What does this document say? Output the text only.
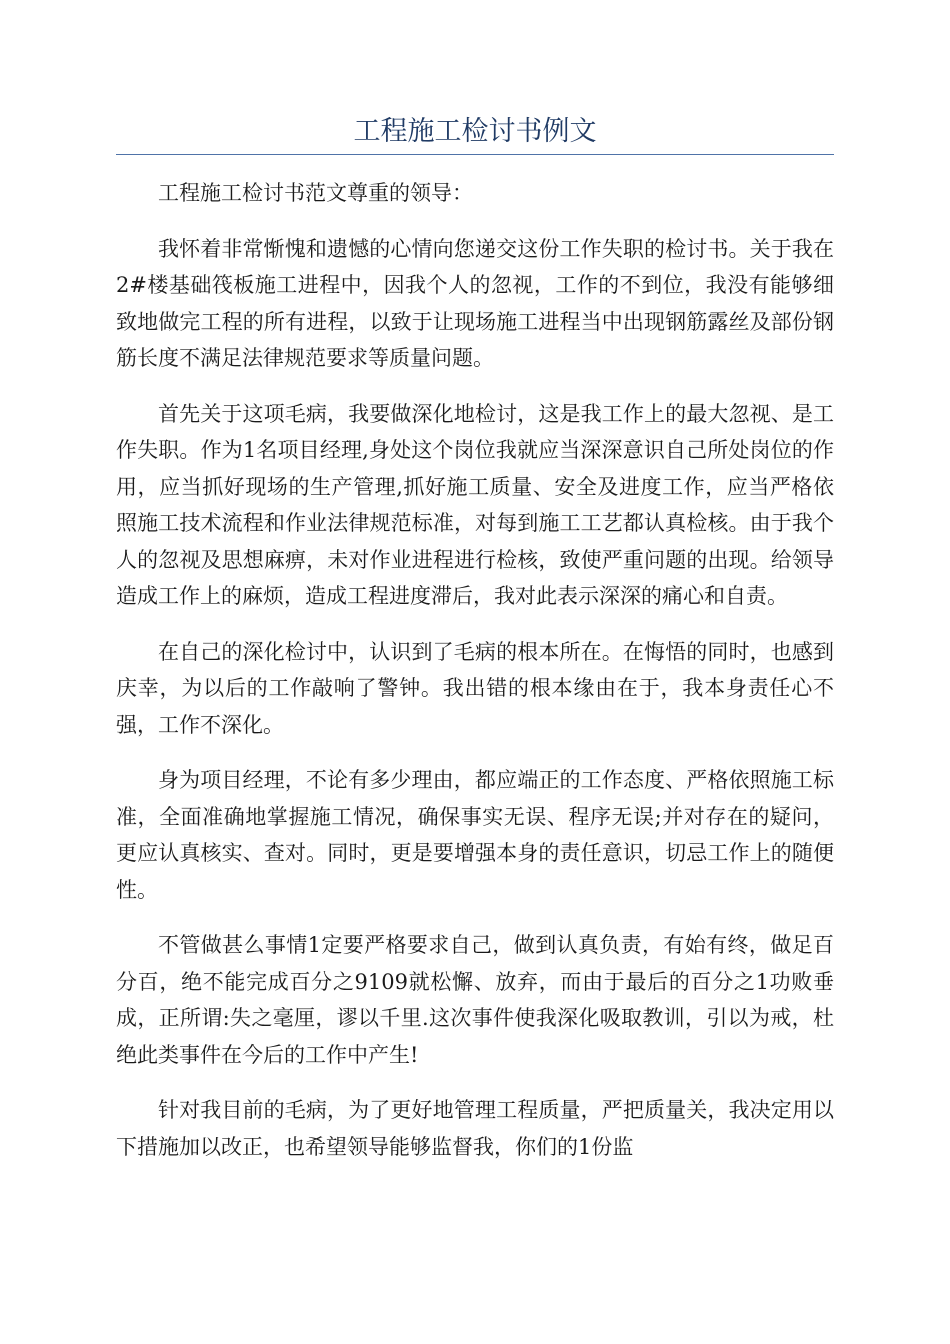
工程施工检讨书例文

工程施工检讨书范文尊重的领导：

我怀着非常惭愧和遗憾的心情向您递交这份工作失职的检讨书。关于我在2#楼基础筏板施工进程中，因我个人的忽视，工作的不到位，我没有能够细致地做完工程的所有进程，以致于让现场施工进程当中出现钢筋露丝及部份钢筋长度不满足法律规范要求等质量问题。

首先关于这项毛病，我要做深化地检讨，这是我工作上的最大忽视、是工作失职。作为1名项目经理,身处这个岗位我就应当深深意识自己所处岗位的作用，应当抓好现场的生产管理,抓好施工质量、安全及进度工作，应当严格依照施工技术流程和作业法律规范标准，对每到施工工艺都认真检核。由于我个人的忽视及思想麻痹，未对作业进程进行检核，致使严重问题的出现。给领导造成工作上的麻烦，造成工程进度滞后，我对此表示深深的痛心和自责。

在自己的深化检讨中，认识到了毛病的根本所在。在悔悟的同时，也感到庆幸，为以后的工作敲响了警钟。我出错的根本缘由在于，我本身责任心不强，工作不深化。

身为项目经理，不论有多少理由，都应端正的工作态度、严格依照施工标准，全面准确地掌握施工情况，确保事实无误、程序无误;并对存在的疑问，更应认真核实、查对。同时，更是要增强本身的责任意识，切忌工作上的随便性。

不管做甚么事情1定要严格要求自己，做到认真负责，有始有终，做足百分百，绝不能完成百分之9109就松懈、放弃，而由于最后的百分之1功败垂成，正所谓:失之毫厘，谬以千里.这次事件使我深化吸取教训，引以为戒，杜绝此类事件在今后的工作中产生!

针对我目前的毛病，为了更好地管理工程质量，严把质量关，我决定用以下措施加以改正，也希望领导能够监督我，你们的1份监
